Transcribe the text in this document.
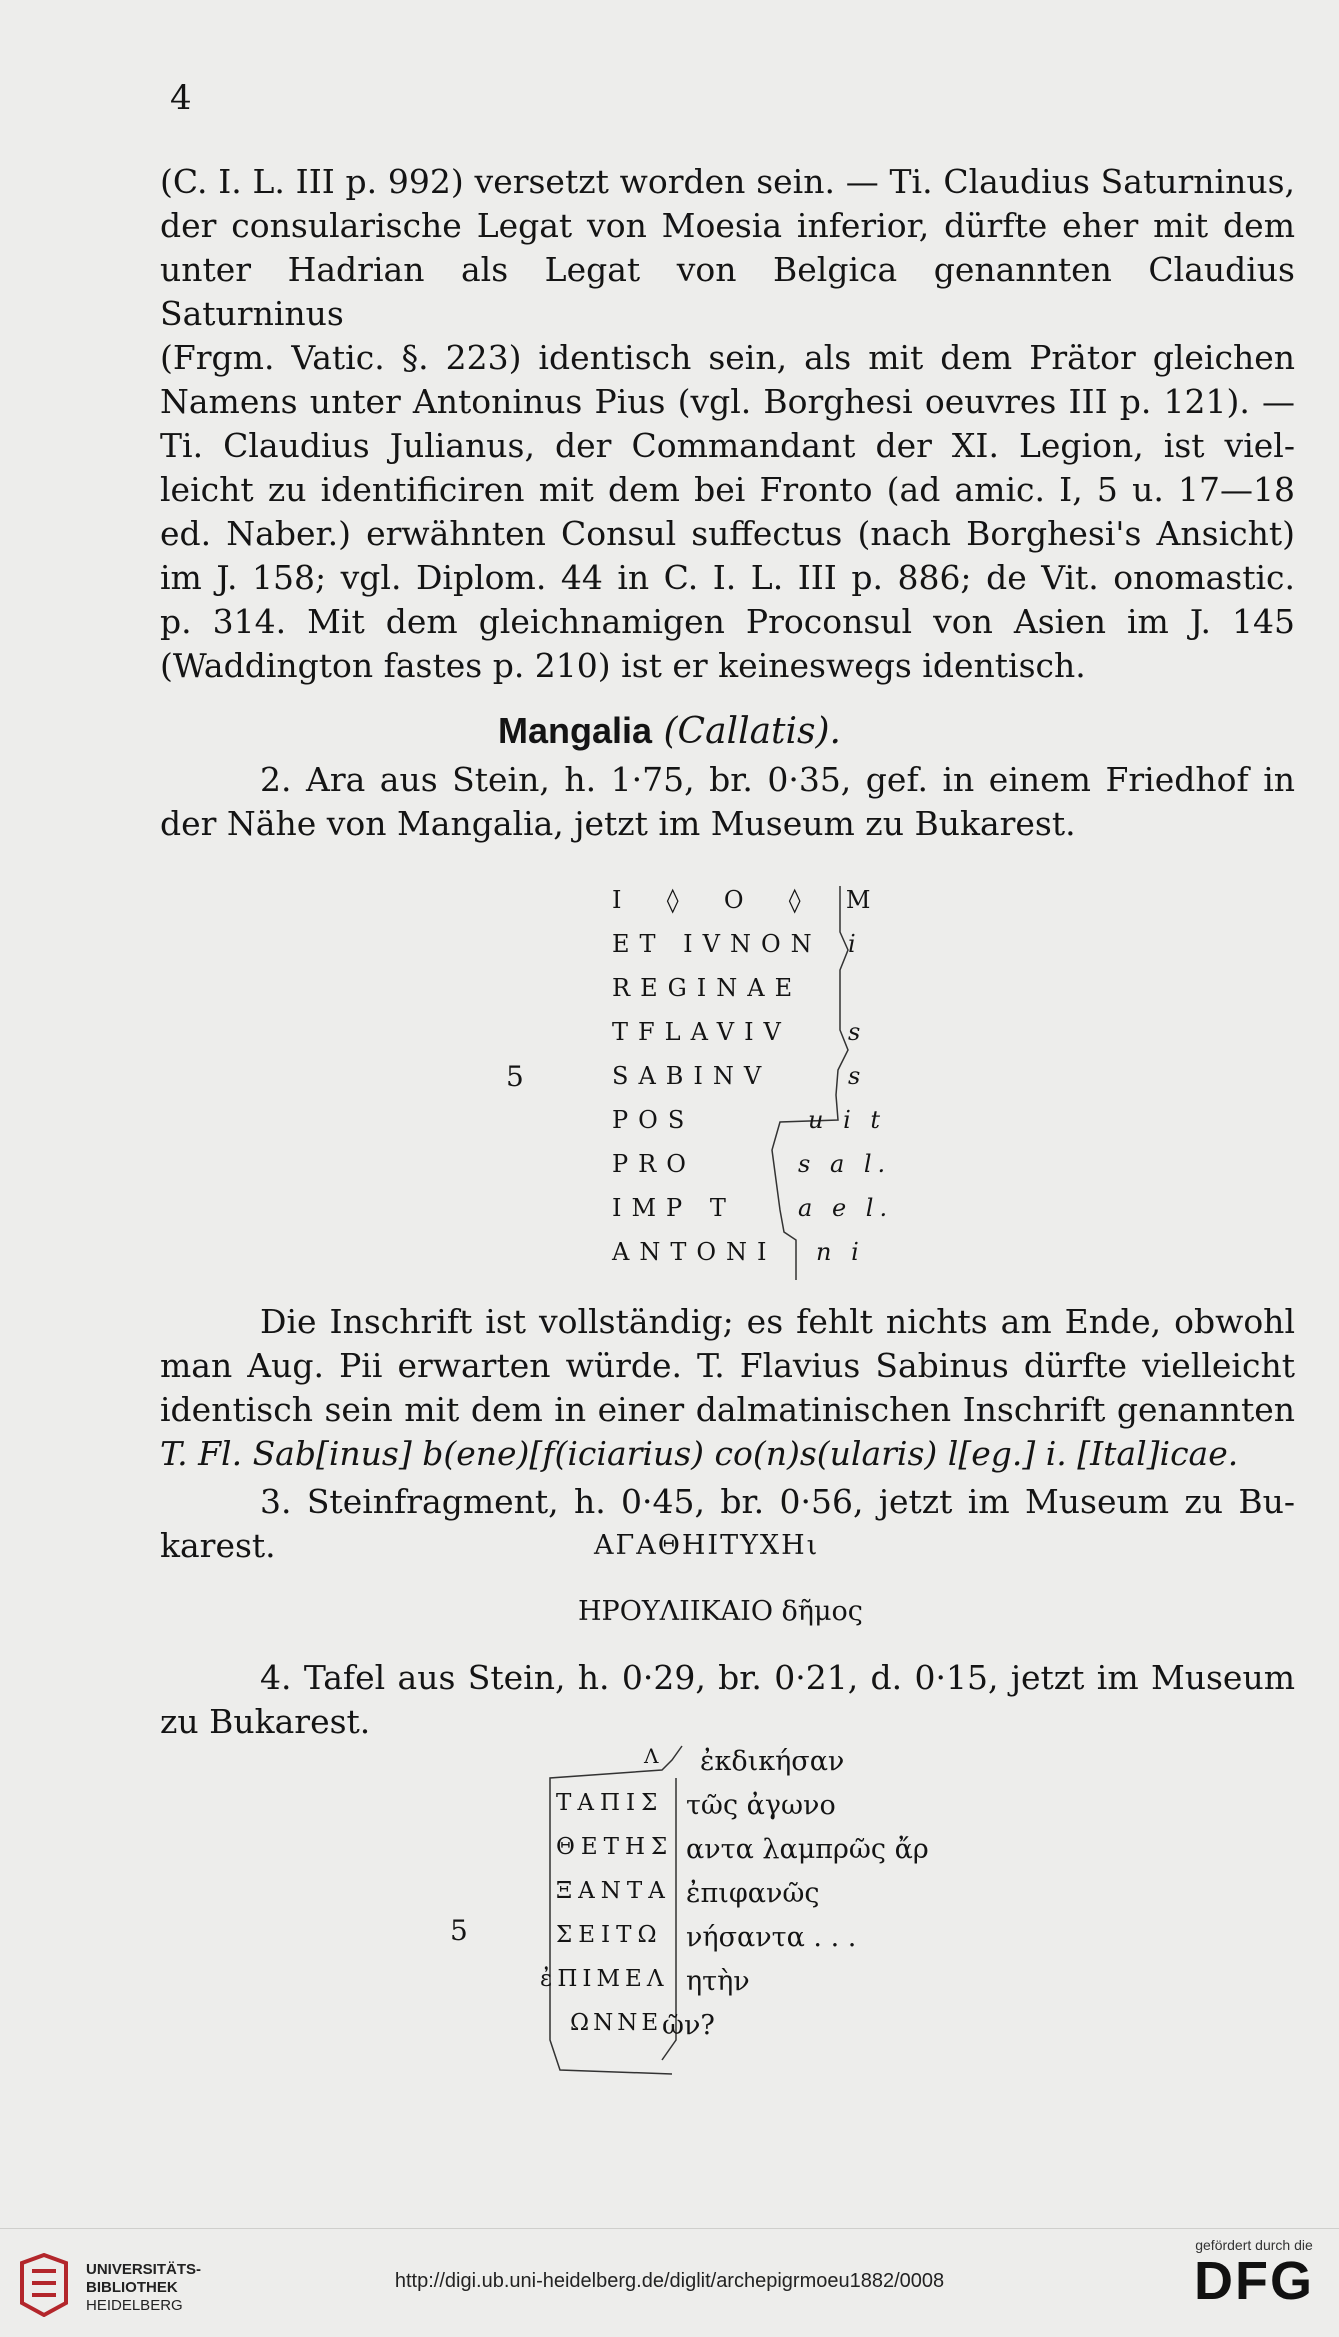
4

(C. I. L. III p. 992) versetzt worden sein. — Ti. Claudius Saturninus,

der consularische Legat von Moesia inferior, dürfte eher mit dem

unter Hadrian als Legat von Belgica genannten Claudius Saturninus

(Frgm. Vatic. §. 223) identisch sein, als mit dem Prätor gleichen

Namens unter Antoninus Pius (vgl. Borghesi oeuvres III p. 121). —

Ti. Claudius Julianus, der Commandant der XI. Legion, ist viel-

leicht zu identificiren mit dem bei Fronto (ad amic. I, 5 u. 17—18

ed. Naber.) erwähnten Consul suffectus (nach Borghesi's Ansicht)

im J. 158; vgl. Diplom. 44 in C. I. L. III p. 886; de Vit. onomastic.

p. 314. Mit dem gleichnamigen Proconsul von Asien im J. 145

(Waddington fastes p. 210) ist er keineswegs identisch.

Mangalia (Callatis).

2. Ara aus Stein, h. 1·75, br. 0·35, gef. in einem Friedhof in

der Nähe von Mangalia, jetzt im Museum zu Bukarest.

I  ◊  O  ◊  M
ET IVNON i
REGINAE
TFLAVIV s
SABINV	s
POS	u i t
PRO	s a l.
IMP T	a e l.
ANTONI n i
5

Die Inschrift ist vollständig; es fehlt nichts am Ende, obwohl

man Aug. Pii erwarten würde. T. Flavius Sabinus dürfte vielleicht

identisch sein mit dem in einer dalmatinischen Inschrift genannten

T. Fl. Sab[inus] b(ene)[f(iciarius) co(n)s(ularis) l[eg.] i. [Ital]icae.

3. Steinfragment, h. 0·45, br. 0·56, jetzt im Museum zu Bu-

karest.	ΑΓΑΘΗΙΤΥΧΗι
ΗΡΟΥΛΙΙΚΑΙΟ δῆμος

4. Tafel aus Stein, h. 0·29, br. 0·21, d. 0·15, jetzt im Museum

zu Bukarest.

Λ ἐκδικήσαν
ΤΑΠΙΣ τῶς ἀγωνο
ΘΕΤΗΣ αντα λαμπρῶς ἄρ
ΞΑΝΤΑ ἐπιφανῶς
ΣΕΙΤΩ νήσαντα . . .
ἐΠΙΜΕΛ ητὴν
ΩΝΝΕ ῶν?
5
UNIVERSITÄTS-
BIBLIOTHEK
HEIDELBERG
http://digi.ub.uni-heidelberg.de/diglit/archepigrmoeu1882/0008
gefördert durch die
DFG
